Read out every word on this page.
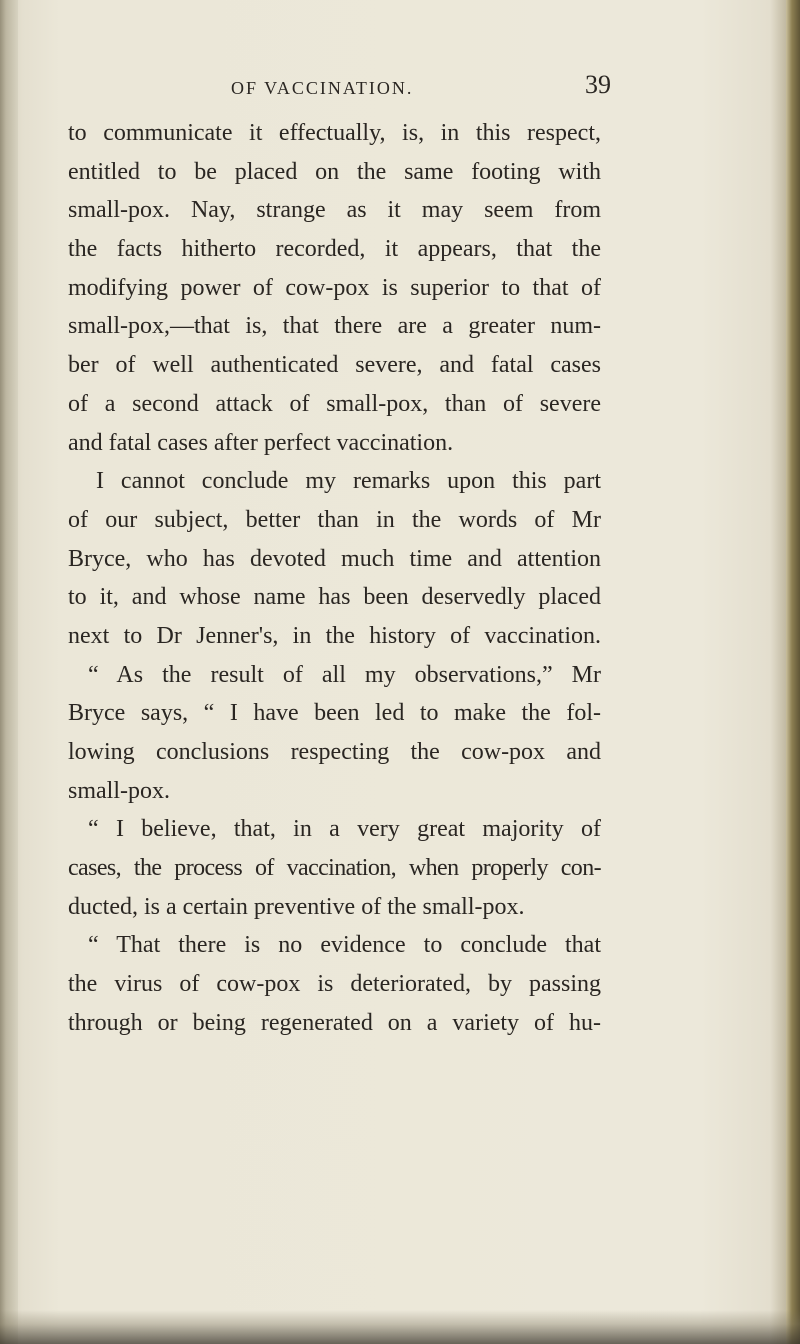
OF VACCINATION.	39
to communicate it effectually, is, in this respect,
entitled to be placed on the same footing with
small-pox. Nay, strange as it may seem from
the facts hitherto recorded, it appears, that the
modifying power of cow-pox is superior to that of
small-pox,—that is, that there are a greater num-
ber of well authenticated severe, and fatal cases
of a second attack of small-pox, than of severe
and fatal cases after perfect vaccination.
I cannot conclude my remarks upon this part
of our subject, better than in the words of Mr
Bryce, who has devoted much time and attention
to it, and whose name has been deservedly placed
next to Dr Jenner's, in the history of vaccination.
“ As the result of all my observations,” Mr
Bryce says, “ I have been led to make the fol-
lowing conclusions respecting the cow-pox and
small-pox.
“ I believe, that, in a very great majority of
cases, the process of vaccination, when properly con-
ducted, is a certain preventive of the small-pox.
“ That there is no evidence to conclude that
the virus of cow-pox is deteriorated, by passing
through or being regenerated on a variety of hu-
